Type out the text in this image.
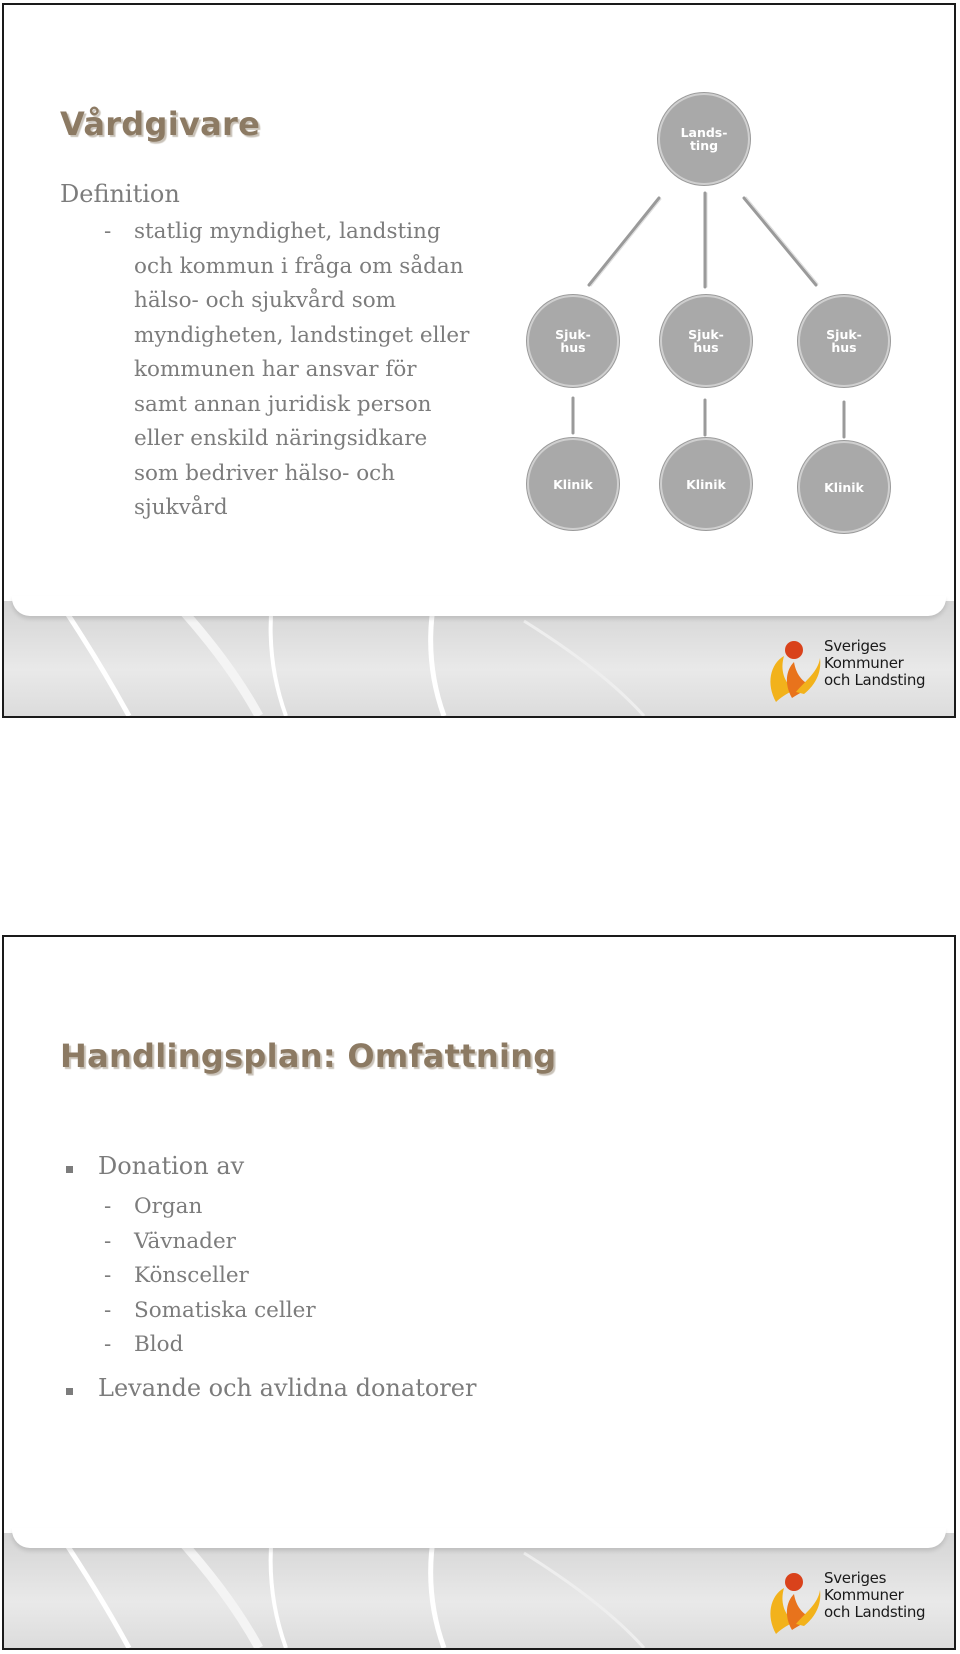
Vårdgivare
Definition
- statlig myndighet, landsting
och kommun i fråga om sådan
hälso- och sjukvård som
myndigheten, landstinget eller
kommunen har ansvar för
samt annan juridisk person
eller enskild näringsidkare
som bedriver hälso- och
sjukvård
Lands-
ting
Sjuk-
hus
Sjuk-
hus
Sjuk-
hus
Klinik	Klinik	Klinik
Sveriges
Kommuner
och Landsting
Handlingsplan: Omfattning
Donation av
- Organ
- Vävnader
- Könsceller
- Somatiska celler
- Blod
Levande och avlidna donatorer
Sveriges
Kommuner
och Landsting
